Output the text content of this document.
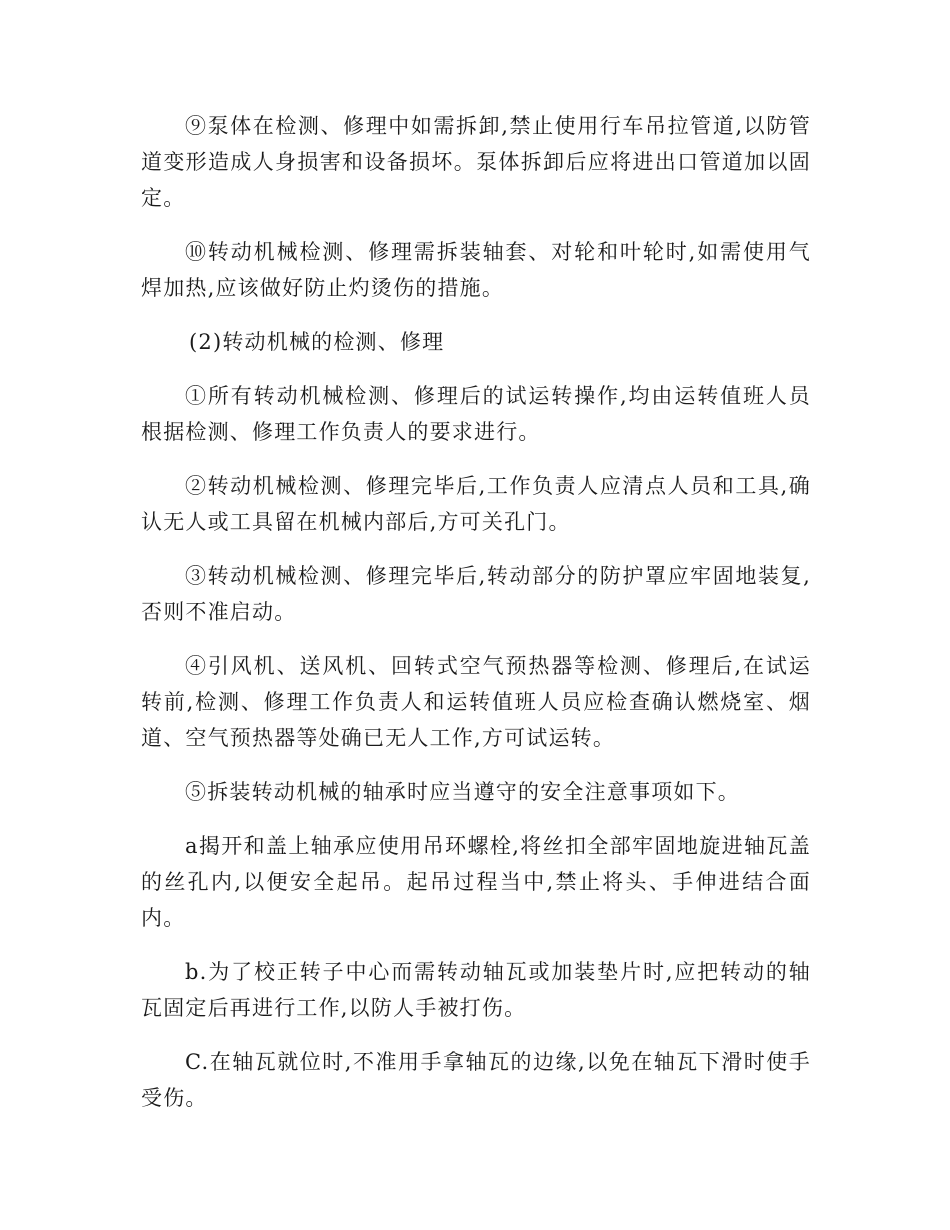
⑨泵体在检测、修理中如需拆卸,禁止使用行车吊拉管道,以防管道变形造成人身损害和设备损坏。泵体拆卸后应将进出口管道加以固定。

⑩转动机械检测、修理需拆装轴套、对轮和叶轮时,如需使用气焊加热,应该做好防止灼烫伤的措施。

(2)转动机械的检测、修理

①所有转动机械检测、修理后的试运转操作,均由运转值班人员根据检测、修理工作负责人的要求进行。

②转动机械检测、修理完毕后,工作负责人应清点人员和工具,确认无人或工具留在机械内部后,方可关孔门。

③转动机械检测、修理完毕后,转动部分的防护罩应牢固地装复,否则不准启动。

④引风机、送风机、回转式空气预热器等检测、修理后,在试运转前,检测、修理工作负责人和运转值班人员应检查确认燃烧室、烟道、空气预热器等处确已无人工作,方可试运转。

⑤拆装转动机械的轴承时应当遵守的安全注意事项如下。

a揭开和盖上轴承应使用吊环螺栓,将丝扣全部牢固地旋进轴瓦盖的丝孔内,以便安全起吊。起吊过程当中,禁止将头、手伸进结合面内。

b.为了校正转子中心而需转动轴瓦或加装垫片时,应把转动的轴瓦固定后再进行工作,以防人手被打伤。

C.在轴瓦就位时,不准用手拿轴瓦的边缘,以免在轴瓦下滑时使手受伤。
